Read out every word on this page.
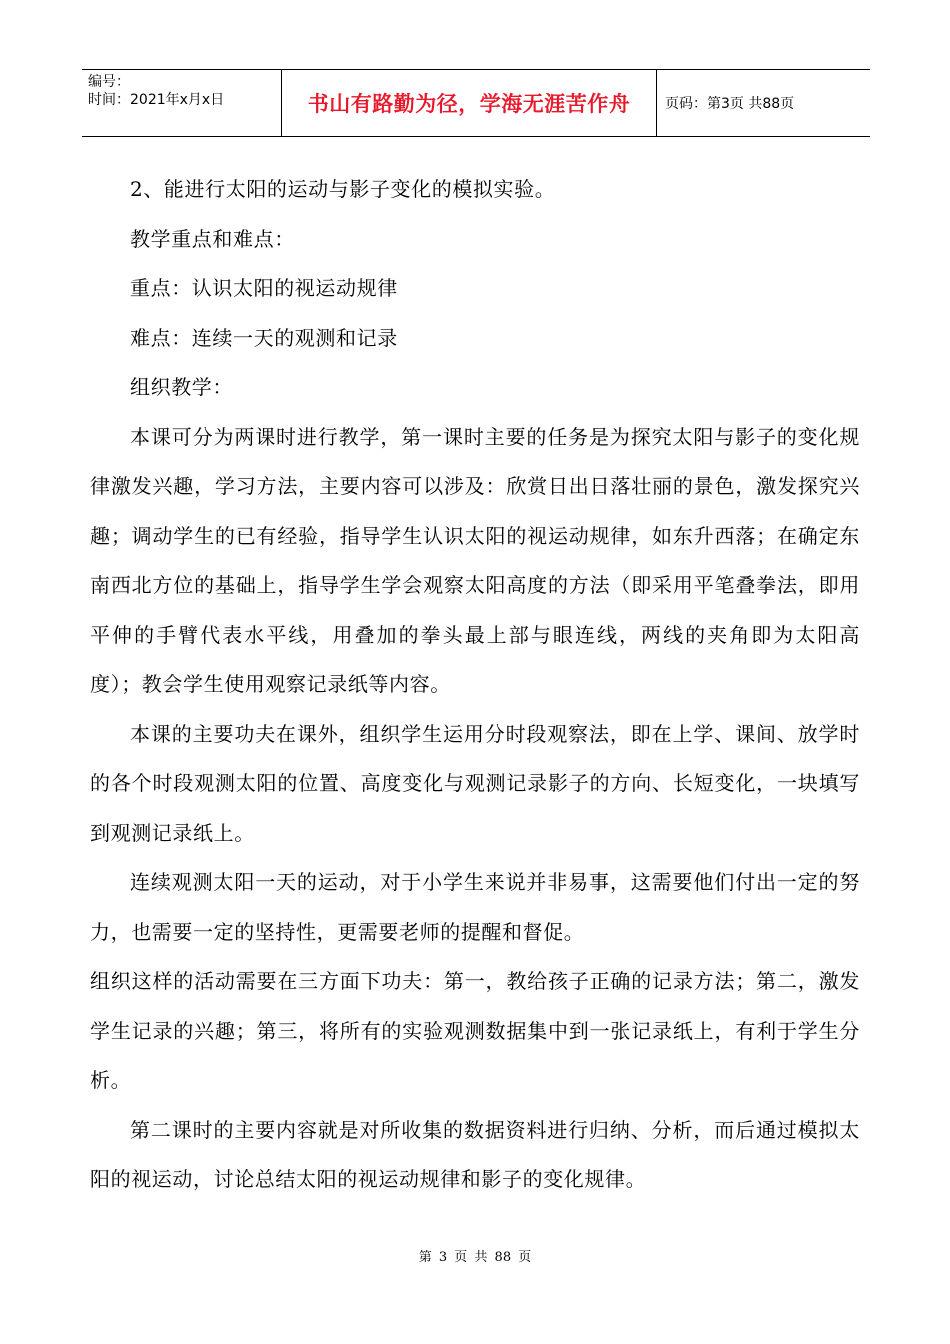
编号：
时间：2021年x月x日	书山有路勤为径，学海无涯苦作舟	页码：第3页 共88页

2、能进行太阳的运动与影子变化的模拟实验。

教学重点和难点：

重点：认识太阳的视运动规律

难点：连续一天的观测和记录

组织教学：

本课可分为两课时进行教学，第一课时主要的任务是为探究太阳与影子的变化规律激发兴趣，学习方法，主要内容可以涉及：欣赏日出日落壮丽的景色，激发探究兴趣；调动学生的已有经验，指导学生认识太阳的视运动规律，如东升西落；在确定东南西北方位的基础上，指导学生学会观察太阳高度的方法（即采用平笔叠拳法，即用平伸的手臂代表水平线，用叠加的拳头最上部与眼连线，两线的夹角即为太阳高度）；教会学生使用观察记录纸等内容。

本课的主要功夫在课外，组织学生运用分时段观察法，即在上学、课间、放学时的各个时段观测太阳的位置、高度变化与观测记录影子的方向、长短变化，一块填写到观测记录纸上。

连续观测太阳一天的运动，对于小学生来说并非易事，这需要他们付出一定的努力，也需要一定的坚持性，更需要老师的提醒和督促。

组织这样的活动需要在三方面下功夫：第一，教给孩子正确的记录方法；第二，激发学生记录的兴趣；第三，将所有的实验观测数据集中到一张记录纸上，有利于学生分析。

第二课时的主要内容就是对所收集的数据资料进行归纳、分析，而后通过模拟太阳的视运动，讨论总结太阳的视运动规律和影子的变化规律。

第 3 页 共 88 页
